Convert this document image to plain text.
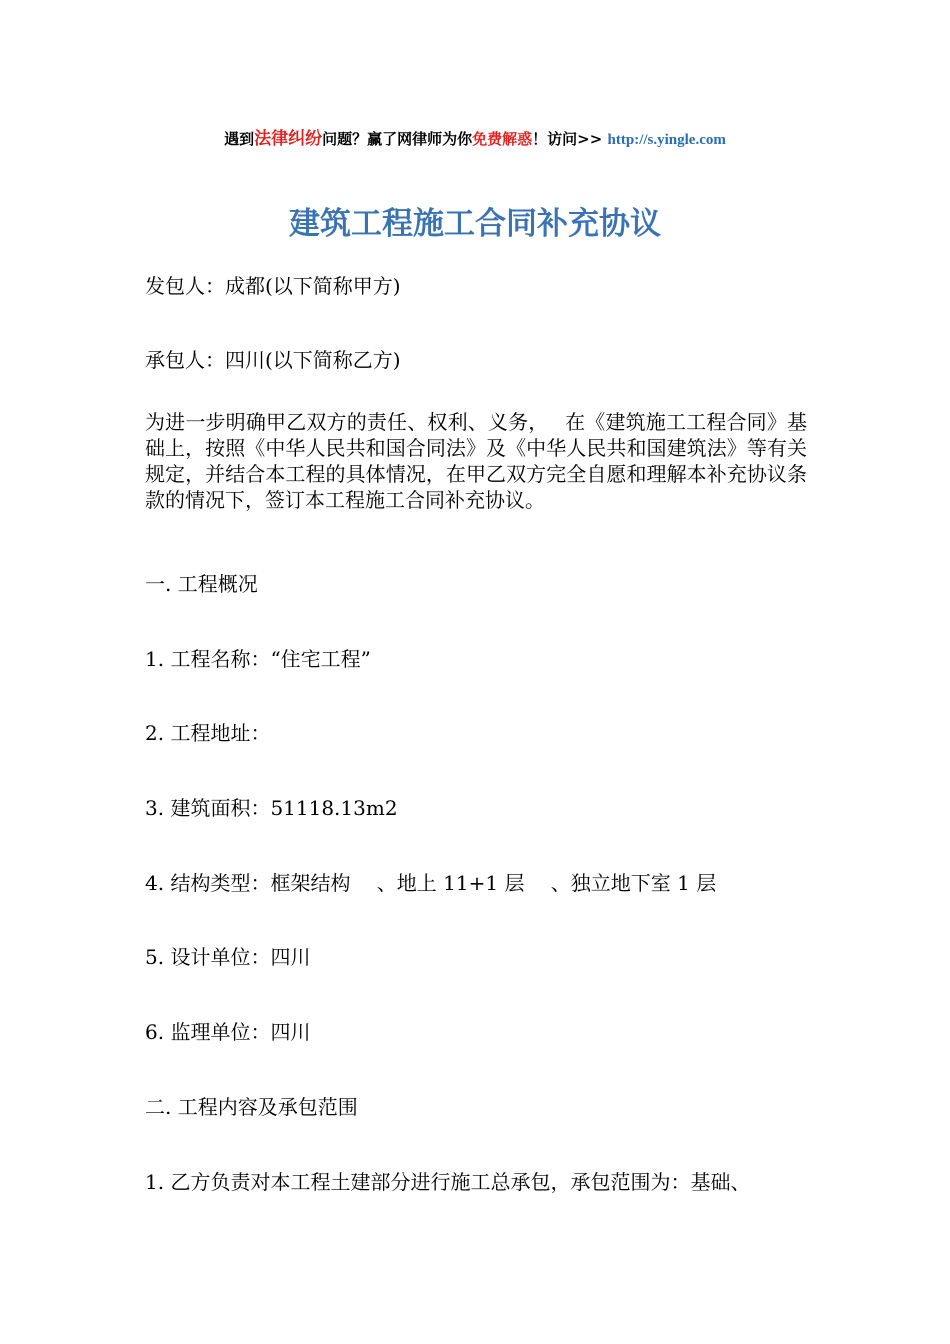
遇到法律纠纷问题？赢了网律师为你免费解惑！访问>> http://s.yingle.com
建筑工程施工合同补充协议

发包人：成都(以下简称甲方)

承包人：四川(以下简称乙方)

为进一步明确甲乙双方的责任、权利、义务，　 在《建筑施工工程合同》基础上，按照《中华人民共和国合同法》及《中华人民共和国建筑法》等有关规定，并结合本工程的具体情况，在甲乙双方完全自愿和理解本补充协议条款的情况下，签订本工程施工合同补充协议。

一. 工程概况

1. 工程名称：“住宅工程”

2. 工程地址：

3. 建筑面积：51118.13m2

4. 结构类型：框架结构　 、地上 11+1 层　 、独立地下室 1 层

5. 设计单位：四川

6. 监理单位：四川

二. 工程内容及承包范围

1. 乙方负责对本工程土建部分进行施工总承包，承包范围为：基础、
